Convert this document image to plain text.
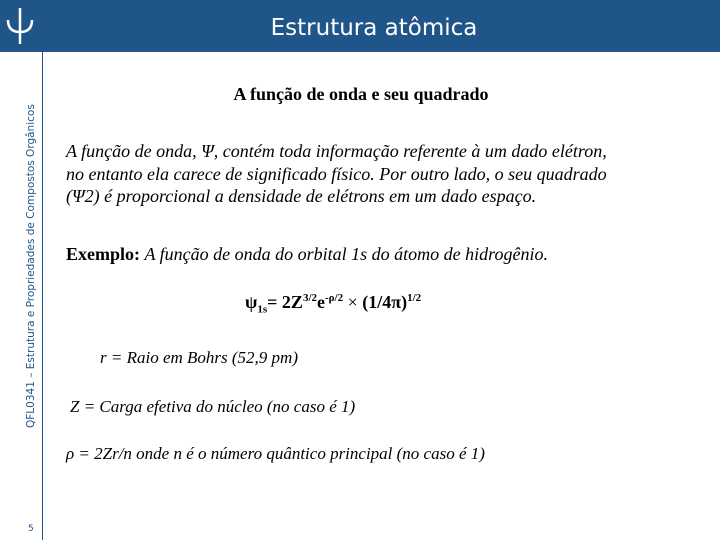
Estrutura atômica
QFL0341 – Estrutura e Propriedades de Compostos Orgânicos
5
A função de onda e seu quadrado
A função de onda, Ψ, contém toda informação referente à um dado elétron,
no entanto ela carece de significado físico. Por outro lado, o seu quadrado
(Ψ2) é proporcional a densidade de elétrons em um dado espaço.
Exemplo: A função de onda do orbital 1s do átomo de hidrogênio.
$\psi_{1s}= 2Z^{3/2}e^{-\rho/2} \times (1/4\pi)^{1/2}$
r = Raio em Bohrs (52,9 pm)
Z = Carga efetiva do núcleo (no caso é 1)
ρ = 2Zr/n onde n é o número quântico principal (no caso é 1)
